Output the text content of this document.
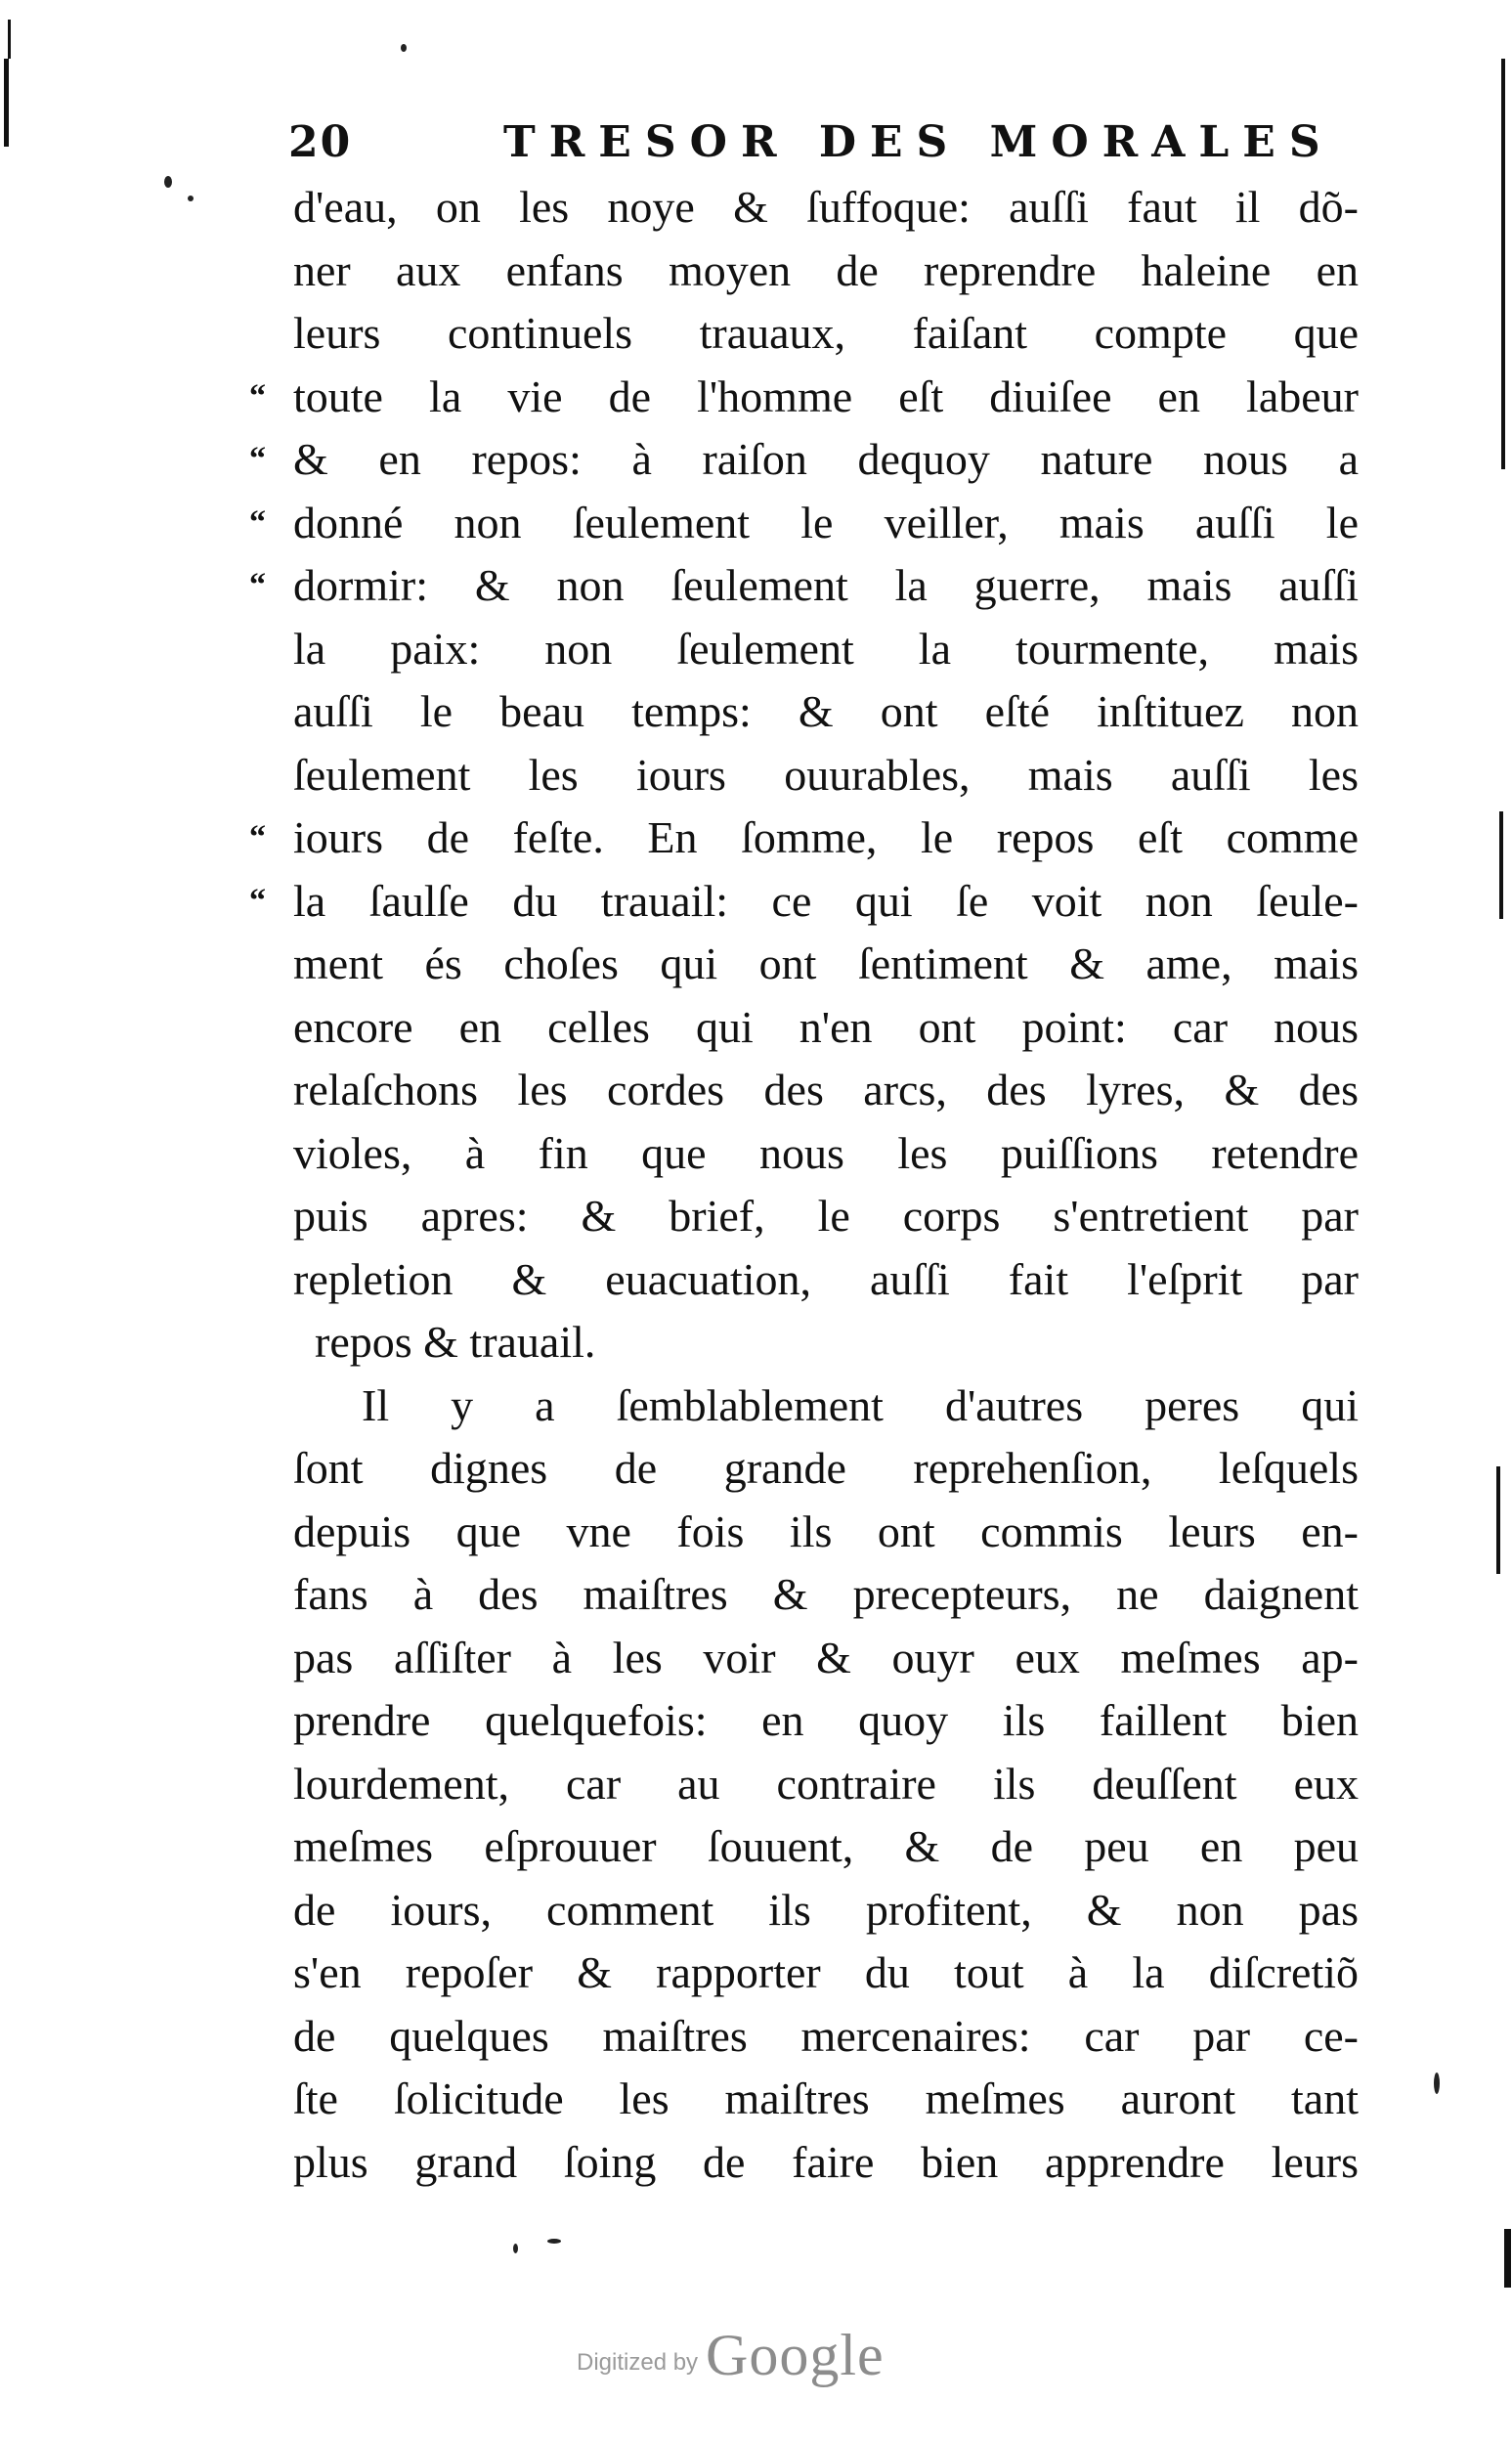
20	TRESOR DES MORALES
d'eau, on les noye & ſuffoque: auſſi faut il dõ-
ner aux enfans moyen de reprendre haleine en
leurs continuels trauaux, faiſant compte que
“ toute la vie de l'homme eſt diuiſee en labeur
“ & en repos: à raiſon dequoy nature nous a
“ donné non ſeulement le veiller, mais auſſi le
“ dormir: & non ſeulement la guerre, mais auſſi
la paix: non ſeulement la tourmente, mais
auſſi le beau temps: & ont eſté inſtituez non
ſeulement les iours ouurables, mais auſſi les
“ iours de feſte. En ſomme, le repos eſt comme
“ la ſaulſe du trauail: ce qui ſe voit non ſeule-
ment és choſes qui ont ſentiment & ame, mais
encore en celles qui n'en ont point: car nous
relaſchons les cordes des arcs, des lyres, & des
violes, à fin que nous les puiſſions retendre
puis apres: & brief, le corps s'entretient par
repletion & euacuation, auſſi fait l'eſprit par
repos & trauail.
Il y a ſemblablement d'autres peres qui
ſont dignes de grande reprehenſion, leſquels
depuis que vne fois ils ont commis leurs en-
fans à des maiſtres & precepteurs, ne daignent
pas aſſiſter à les voir & ouyr eux meſmes ap-
prendre quelquefois: en quoy ils faillent bien
lourdement, car au contraire ils deuſſent eux
meſmes eſprouuer ſouuent, & de peu en peu
de iours, comment ils profitent, & non pas
s'en repoſer & rapporter du tout à la diſcretiõ
de quelques maiſtres mercenaires: car par ce-
ſte ſolicitude les maiſtres meſmes auront tant
plus grand ſoing de faire bien apprendre leurs
Digitized by Google
